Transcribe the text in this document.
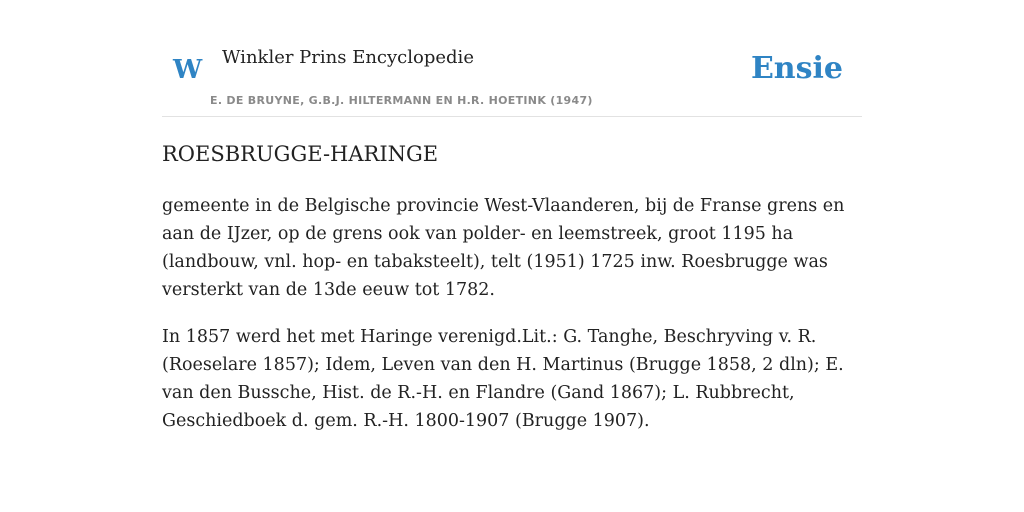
W Winkler Prins Encyclopedie
E. DE BRUYNE, G.B.J. HILTERMANN EN H.R. HOETINK (1947)
Ensie
ROESBRUGGE-HARINGE

gemeente in de Belgische provincie West-Vlaanderen, bij de Franse grens en aan de IJzer, op de grens ook van polder- en leemstreek, groot 1195 ha (landbouw, vnl. hop- en tabaksteelt), telt (1951) 1725 inw. Roesbrugge was versterkt van de 13de eeuw tot 1782.

In 1857 werd het met Haringe verenigd.Lit.: G. Tanghe, Beschryving v. R. (Roeselare 1857); Idem, Leven van den H. Martinus (Brugge 1858, 2 dln); E. van den Bussche, Hist. de R.-H. en Flandre (Gand 1867); L. Rubbrecht, Geschiedboek d. gem. R.-H. 1800-1907 (Brugge 1907).
